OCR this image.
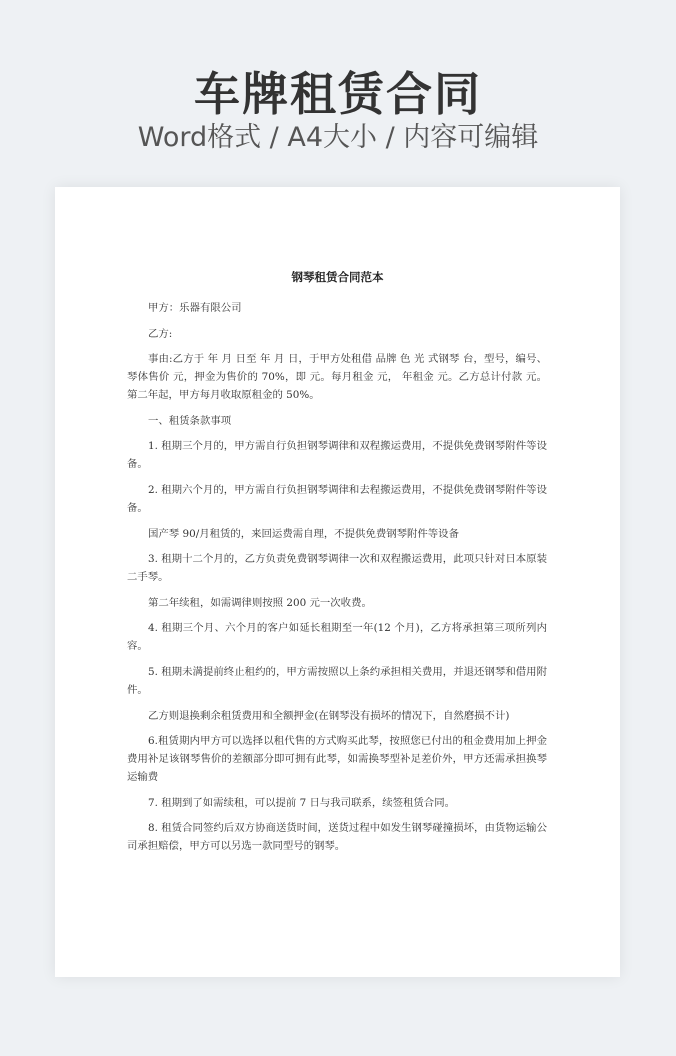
车牌租赁合同
Word格式 / A4大小 / 内容可编辑
钢琴租赁合同范本

甲方：乐器有限公司

乙方:

事由:乙方于 年 月 日至 年 月 日，于甲方处租借 品牌 色 光 式钢琴 台，型号，编号、 琴体售价 元，押金为售价的 70%，即 元。每月租金 元， 年租金 元。乙方总计付款 元。第二年起，甲方每月收取原租金的 50%。

一、租赁条款事项

1. 租期三个月的，甲方需自行负担钢琴调律和双程搬运费用，不提供免费钢琴附件等设备。

2. 租期六个月的，甲方需自行负担钢琴调律和去程搬运费用，不提供免费钢琴附件等设备。

国产琴 90/月租赁的，来回运费需自理，不提供免费钢琴附件等设备

3. 租期十二个月的，乙方负责免费钢琴调律一次和双程搬运费用，此项只针对日本原装二手琴。

第二年续租，如需调律则按照 200 元一次收费。

4. 租期三个月、六个月的客户如延长租期至一年(12 个月)，乙方将承担第三项所列内容。

5. 租期未满提前终止租约的，甲方需按照以上条约承担相关费用，并退还钢琴和借用附件。

乙方则退换剩余租赁费用和全额押金(在钢琴没有损坏的情况下，自然磨损不计)

6.租赁期内甲方可以选择以租代售的方式购买此琴，按照您已付出的租金费用加上押金费用补足该钢琴售价的差额部分即可拥有此琴，如需换琴型补足差价外，甲方还需承担换琴运输费

7. 租期到了如需续租，可以提前 7 日与我司联系，续签租赁合同。

8. 租赁合同签约后双方协商送货时间，送货过程中如发生钢琴碰撞损坏，由货物运输公司承担赔偿，甲方可以另选一款同型号的钢琴。
